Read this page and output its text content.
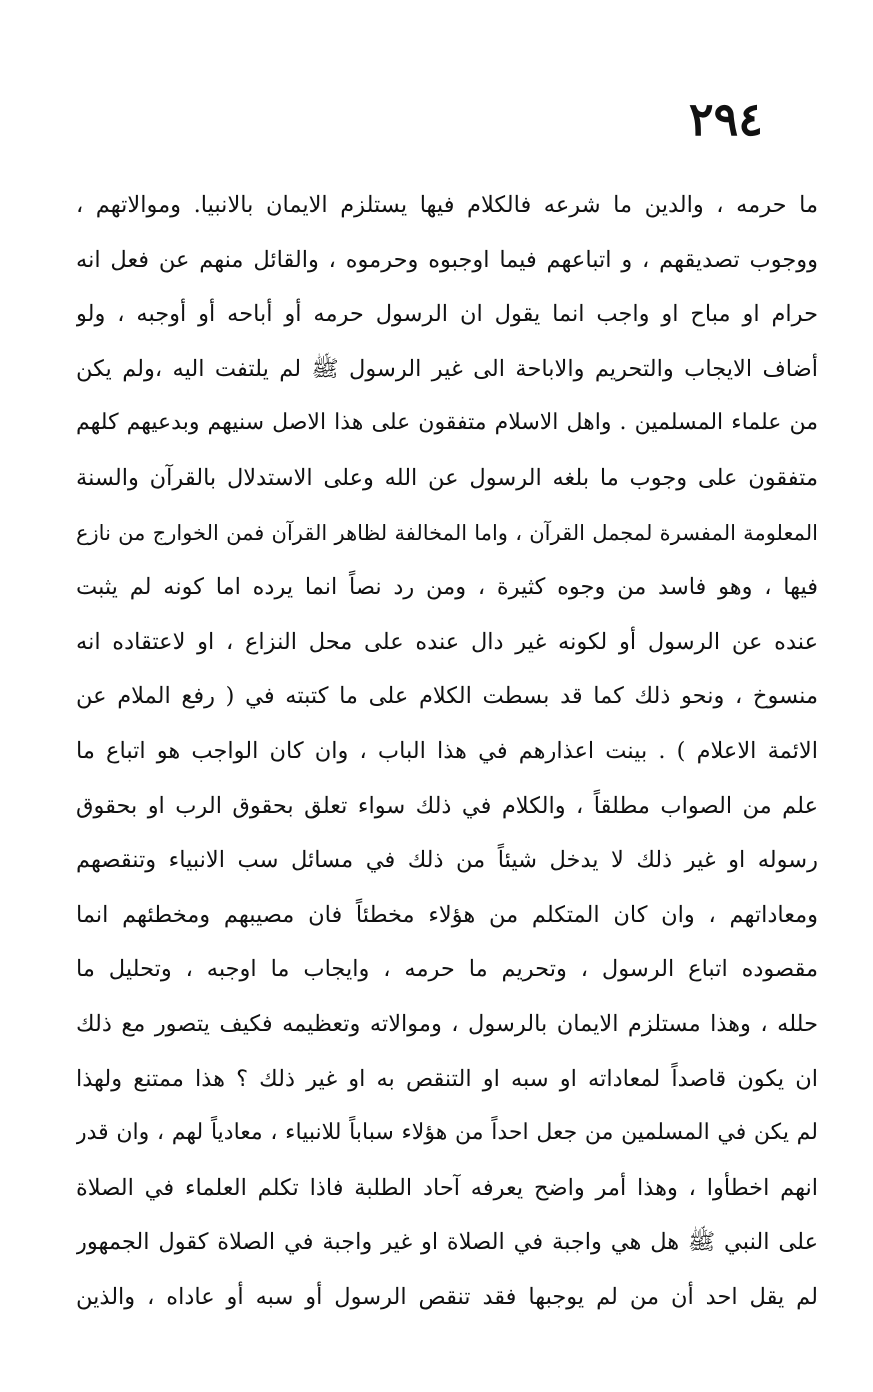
٢٩٤
ما حرمه ، والدين ما شرعه فالكلام فيها يستلزم الايمان بالانبيا. وموالاتهم ،
ووجوب تصديقهم ، و اتباعهم فيما اوجبوه وحرموه ، والقائل منهم عن فعل انه
حرام او مباح او واجب انما يقول ان الرسول حرمه أو أباحه أو أوجبه ، ولو
أضاف الايجاب والتحريم والاباحة الى غير الرسول ﷺ لم يلتفت اليه ،ولم يكن
من علماء المسلمين . واهل الاسلام متفقون على هذا الاصل سنيهم وبدعيهم كلهم
متفقون على وجوب ما بلغه الرسول عن الله وعلى الاستدلال بالقرآن والسنة
المعلومة المفسرة لمجمل القرآن ، واما المخالفة لظاهر القرآن فمن الخوارج من نازع
فيها ، وهو فاسد من وجوه كثيرة ، ومن رد نصاً انما يرده اما كونه لم يثبت
عنده عن الرسول أو لكونه غير دال عنده على محل النزاع ، او لاعتقاده انه
منسوخ ، ونحو ذلك كما قد بسطت الكلام على ما كتبته في ( رفع الملام عن
الائمة الاعلام ) . بينت اعذارهم في هذا الباب ، وان كان الواجب هو اتباع ما
علم من الصواب مطلقاً ، والكلام في ذلك سواء تعلق بحقوق الرب او بحقوق
رسوله او غير ذلك لا يدخل شيئاً من ذلك في مسائل سب الانبياء وتنقصهم
ومعاداتهم ، وان كان المتكلم من هؤلاء مخطئاً فان مصيبهم ومخطئهم انما
مقصوده اتباع الرسول ، وتحريم ما حرمه ، وايجاب ما اوجبه ، وتحليل ما
حلله ، وهذا مستلزم الايمان بالرسول ، وموالاته وتعظيمه فكيف يتصور مع ذلك
ان يكون قاصداً لمعاداته او سبه او التنقص به او غير ذلك ؟ هذا ممتنع ولهذا
لم يكن في المسلمين من جعل احداً من هؤلاء سباباً للانبياء ، معادياً لهم ، وان قدر
انهم اخطأوا ، وهذا أمر واضح يعرفه آحاد الطلبة فاذا تكلم العلماء في الصلاة
على النبي ﷺ هل هي واجبة في الصلاة او غير واجبة في الصلاة كقول الجمهور
لم يقل احد أن من لم يوجبها فقد تنقص الرسول أو سبه أو عاداه ، والذين
